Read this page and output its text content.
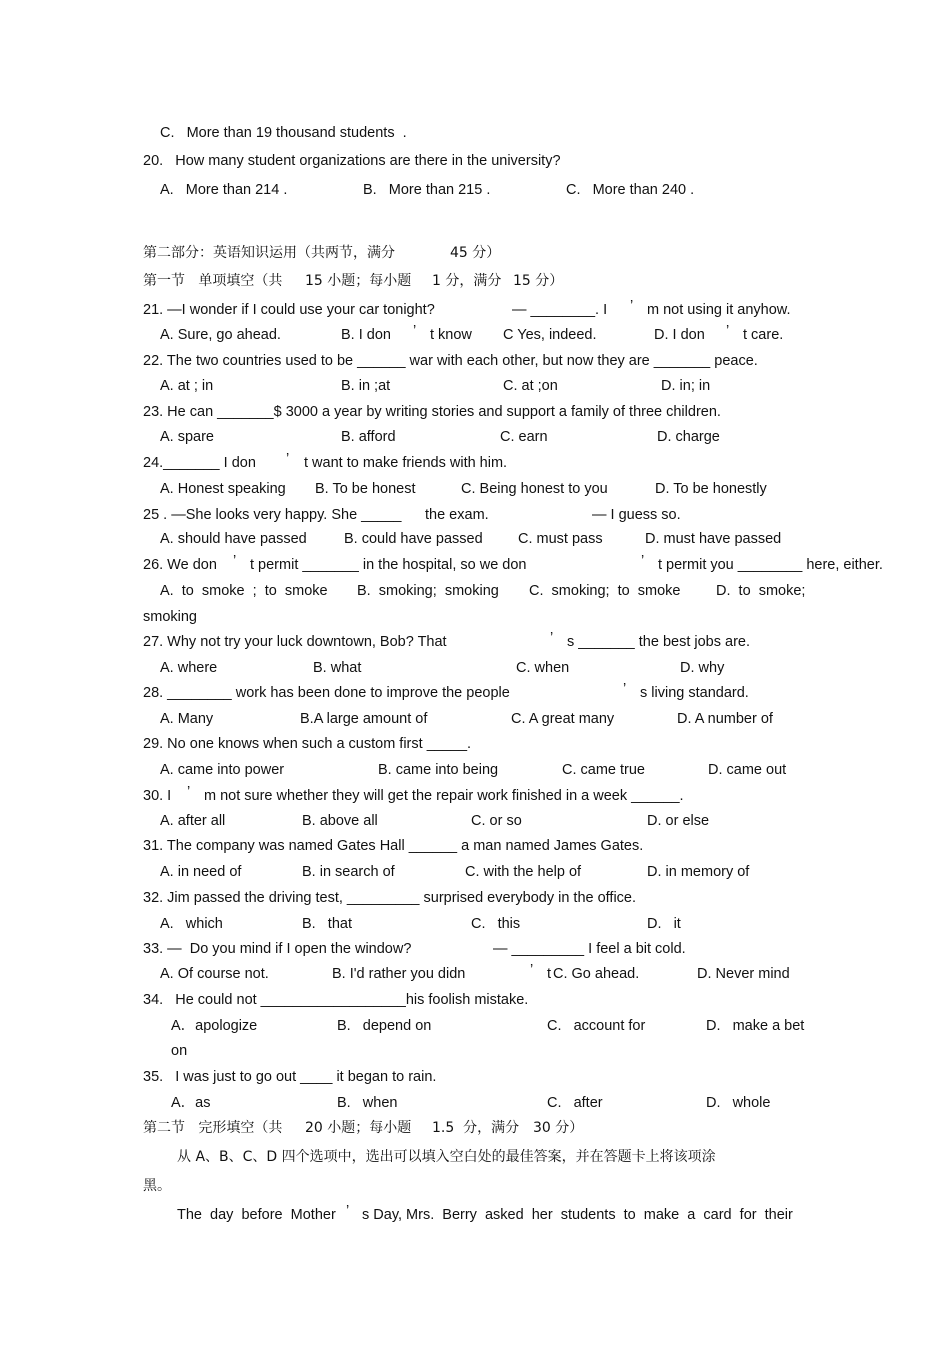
C.   More than 19 thousand students  .
20.   How many student organizations are there in the university?
A.   More than 214 .	B.   More than 215 .	C.   More than 240 .
第二部分：英语知识运用（共两节，满分	45 分）
第一节   单项填空（共 15 小题；每小题 1 分，满分 15 分）
21. —I wonder if I could use your car tonight?	— ________. I ’ m not using it anyhow.
A. Sure, go ahead.	B. I don ’ t know C Yes, indeed.	D. I don ’ t care.
22. The two countries used to be ______ war with each other, but now they are _______ peace.
A. at ; in	B. in ;at	C. at ;on	D. in; in
23. He can _______$ 3000 a year by writing stories and support a family of three children.
A. spare	B. afford	C. earn	D. charge
24._______ I don ’ t want to make friends with him.
A. Honest speaking B. To be honest	C. Being honest to you	D. To be honestly
25 . —She looks very happy. She _____ the exam.	— I guess so.
A. should have passed	B. could have passed C. must pass	D. must have passed
26. We don ’ t permit _______ in the hospital, so we don	’ t permit you ________ here, either.
A.  to  smoke  ;  to  smoke B.  smoking;  smoking C.  smoking;  to  smoke D.  to  smoke;
smoking
27. Why not try your luck downtown, Bob? That	’ s _______ the best jobs are.
A. where	B. what	C. when	D. why
28. ________ work has been done to improve the people	’ s living standard.
A. Many	B.A large amount of	C. A great many	D. A number of
29. No one knows when such a custom first _____.
A. came into power	B. came into being	C. came true	D. came out
30. I ’ m not sure whether they will get the repair work finished in a week ______.
A. after all	B. above all	C. or so	D. or else
31. The company was named Gates Hall ______ a man named James Gates.
A. in need of	B. in search of	C. with the help of	D. in memory of
32. Jim passed the driving test, _________ surprised everybody in the office.
A.   which	B.   that	C.   this	D.   it
33. —  Do you mind if I open the window?	— _________ I feel a bit cold.
A. Of course not.	B. I'd rather you didn	’ t C. Go ahead.	D. Never mind
34.   He could not __________________his foolish mistake.
A．apologize	B.   depend on	C.   account for	D.   make a bet
on
35.   I was just to go out ____ it began to rain.
A．as	B.   when	C.   after	D.   whole
第二节   完形填空（共 20 小题；每小题 1.5  分，满分 30 分）
从 A、B、C、D 四个选项中，选出可以填入空白处的最佳答案，并在答题卡上将该项涂
黑。
The  day  before  Mother ’ s Day, Mrs.  Berry  asked  her  students  to  make  a  card  for  their
